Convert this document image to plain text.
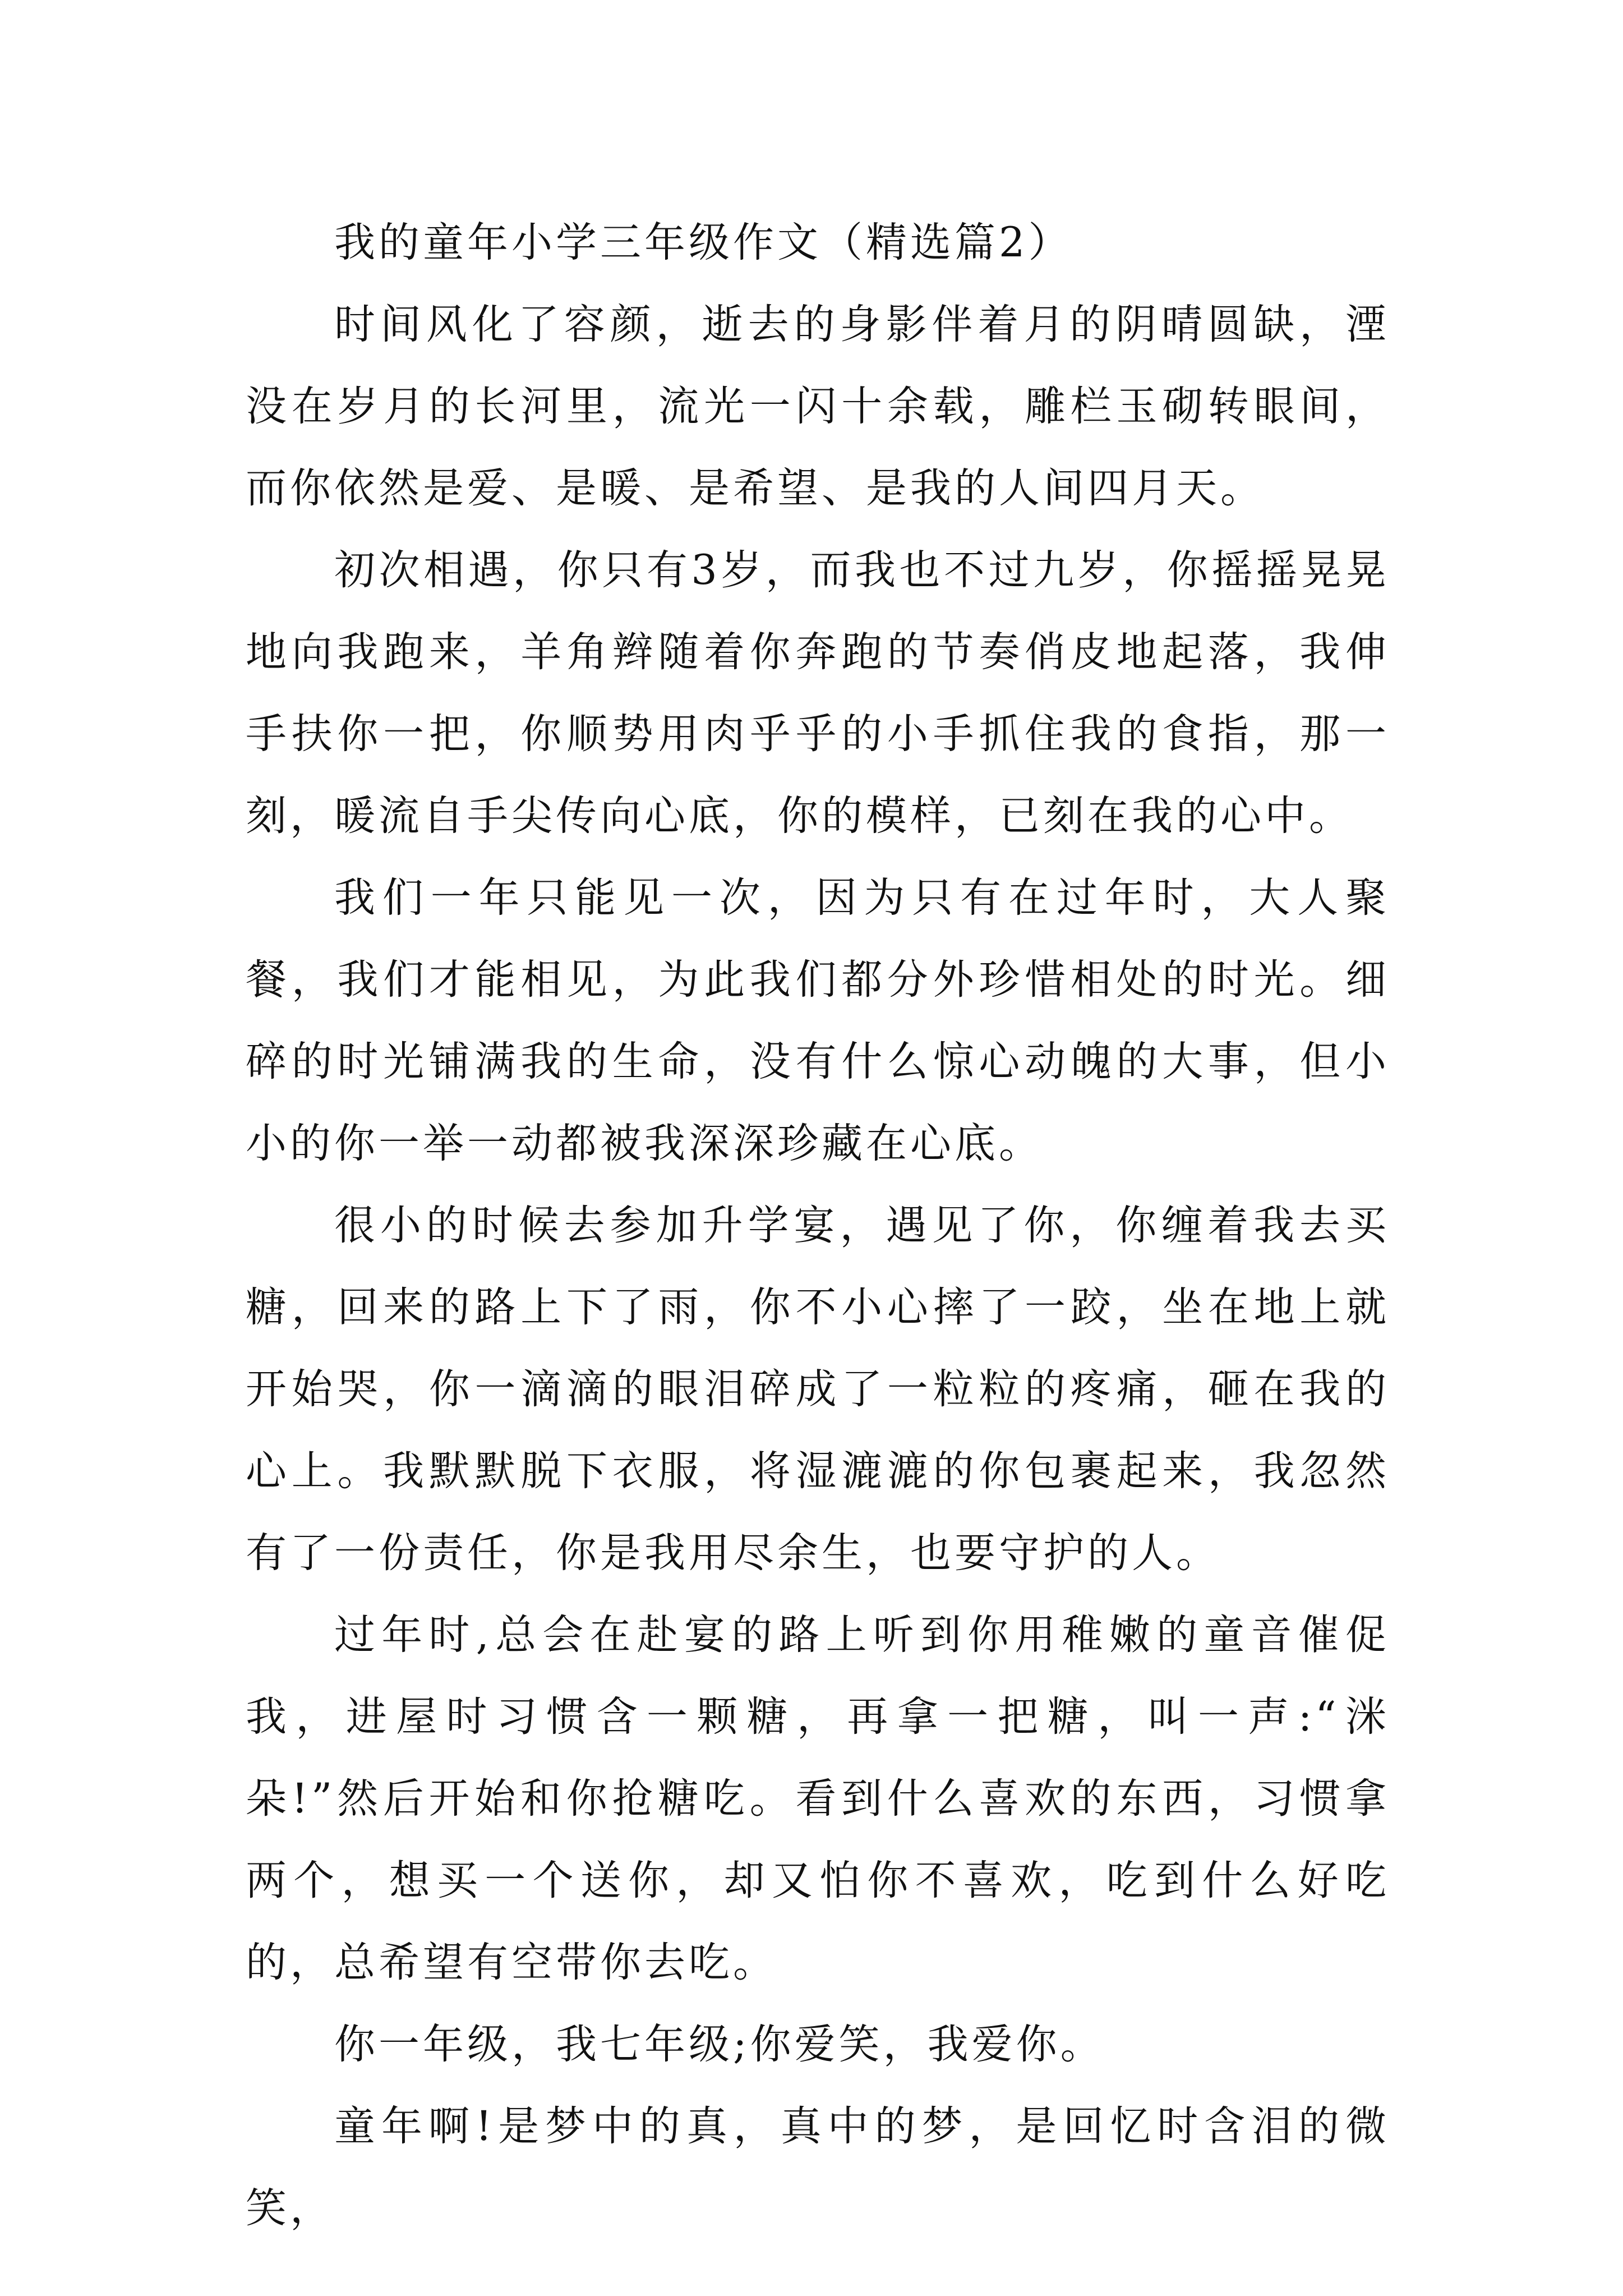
我的童年小学三年级作文（精选篇2）

时间风化了容颜，逝去的身影伴着月的阴晴圆缺，湮没在岁月的长河里，流光一闪十余载，雕栏玉砌转眼间，而你依然是爱、是暖、是希望、是我的人间四月天。

初次相遇，你只有3岁，而我也不过九岁，你摇摇晃晃地向我跑来，羊角辫随着你奔跑的节奏俏皮地起落，我伸手扶你一把，你顺势用肉乎乎的小手抓住我的食指，那一刻，暖流自手尖传向心底，你的模样，已刻在我的心中。

我们一年只能见一次，因为只有在过年时，大人聚餐，我们才能相见，为此我们都分外珍惜相处的时光。细碎的时光铺满我的生命，没有什么惊心动魄的大事，但小小的你一举一动都被我深深珍藏在心底。

很小的时候去参加升学宴，遇见了你，你缠着我去买糖，回来的路上下了雨，你不小心摔了一跤，坐在地上就开始哭，你一滴滴的眼泪碎成了一粒粒的疼痛，砸在我的心上。我默默脱下衣服，将湿漉漉的你包裹起来，我忽然有了一份责任，你是我用尽余生，也要守护的人。

过年时,总会在赴宴的路上听到你用稚嫩的童音催促我，进屋时习惯含一颗糖，再拿一把糖，叫一声:“洣朵!”然后开始和你抢糖吃。看到什么喜欢的东西，习惯拿两个，想买一个送你，却又怕你不喜欢，吃到什么好吃的，总希望有空带你去吃。

你一年级，我七年级;你爱笑，我爱你。

童年啊!是梦中的真，真中的梦，是回忆时含泪的微笑，
